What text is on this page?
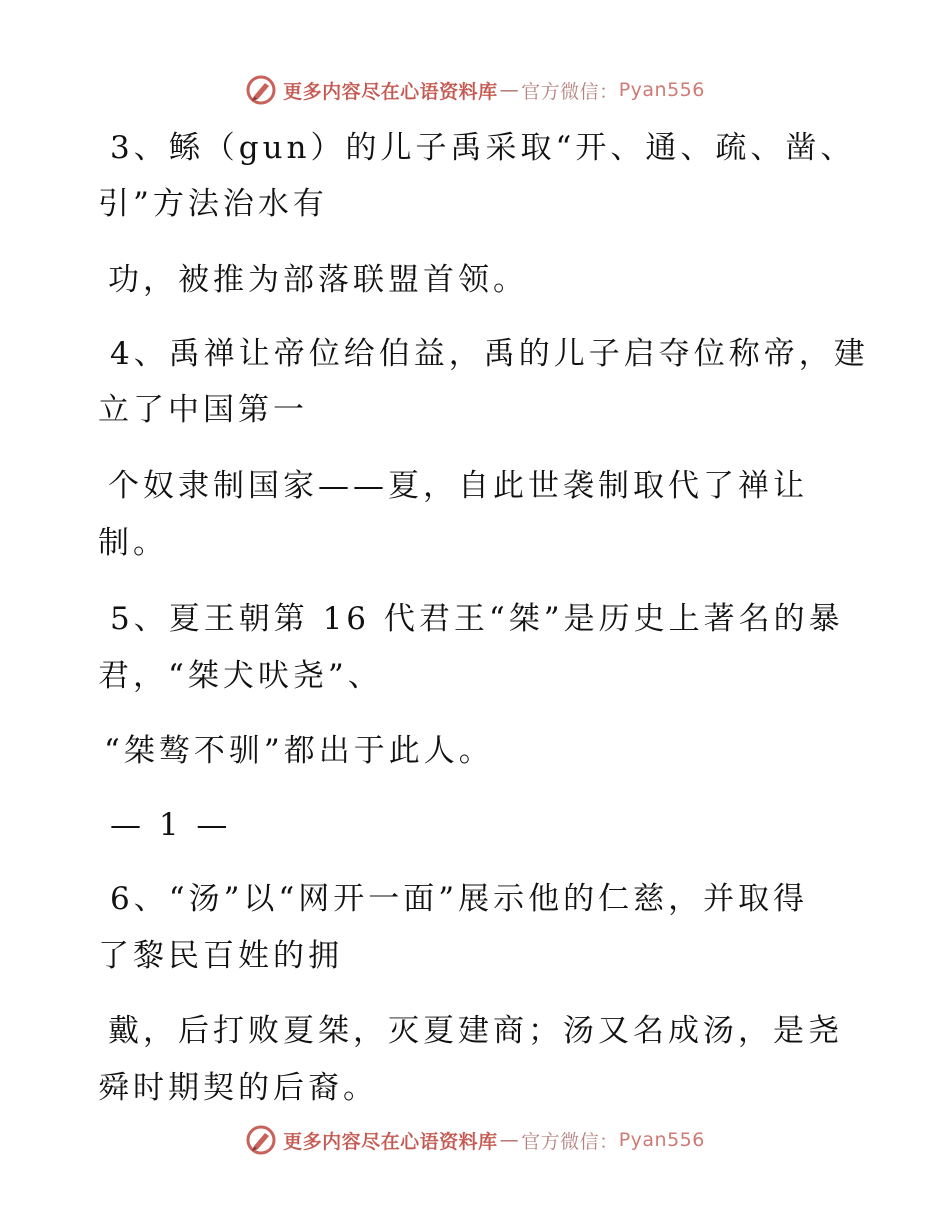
更多内容尽在心语资料库 — 官方微信： Pyan556
3、鲧（gun）的儿子禹采取“开、通、疏、凿、
引”方法治水有
功，被推为部落联盟首领。
4、禹禅让帝位给伯益，禹的儿子启夺位称帝，建
立了中国第一
个奴隶制国家——夏，自此世袭制取代了禅让
制。
5、夏王朝第 16 代君王“桀”是历史上著名的暴
君，“桀犬吠尧”、
“桀骜不驯”都出于此人。
— 1 —
6、“汤”以“网开一面”展示他的仁慈，并取得
了黎民百姓的拥
戴，后打败夏桀，灭夏建商；汤又名成汤，是尧
舜时期契的后裔。
更多内容尽在心语资料库 — 官方微信： Pyan556
